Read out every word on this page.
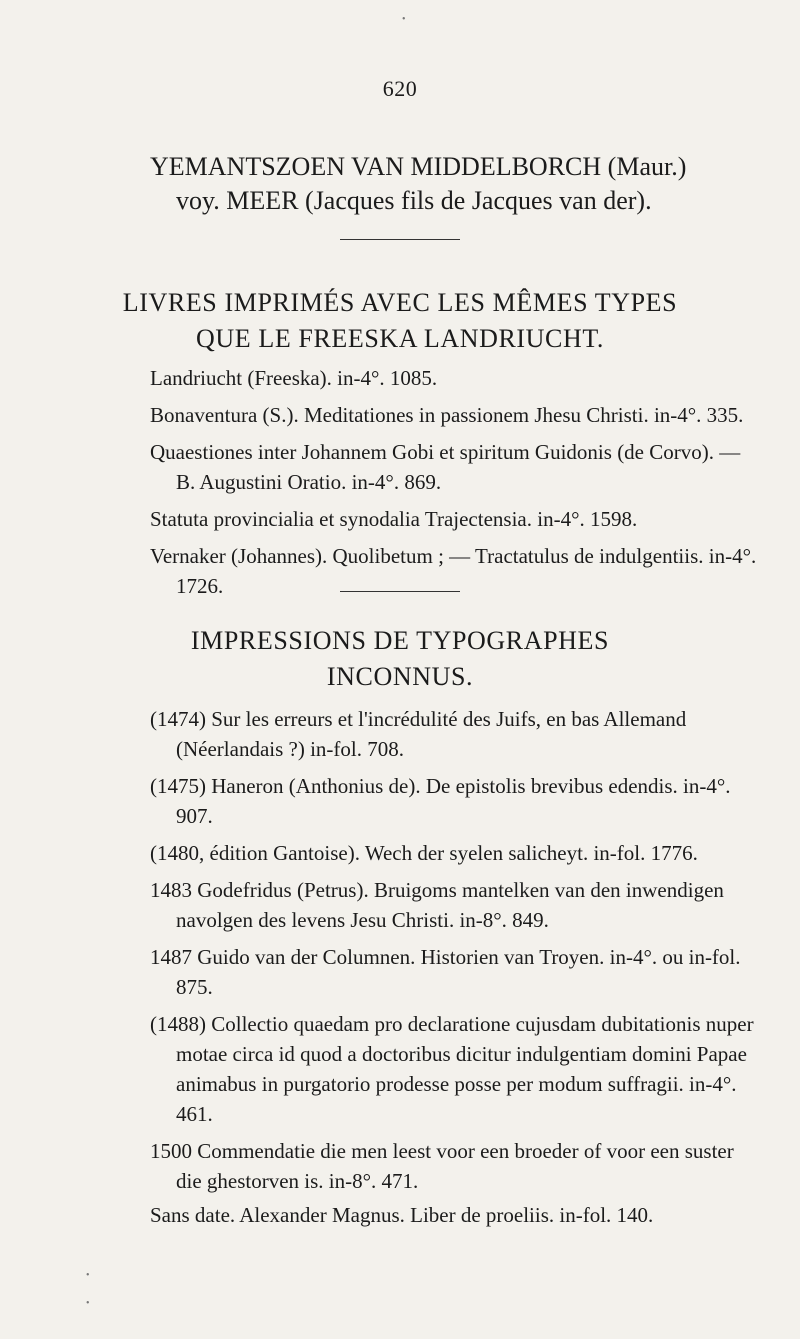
•
620
YEMANTSZOEN VAN MIDDELBORCH (Maur.)
voy. MEER (Jacques fils de Jacques van der).
LIVRES IMPRIMÉS AVEC LES MÊMES TYPES
QUE LE FREESKA LANDRIUCHT.
Landriucht (Freeska). in-4°. 1085.
Bonaventura (S.). Meditationes in passionem Jhesu Christi. in-4°. 335.
Quaestiones inter Johannem Gobi et spiritum Guidonis (de Corvo). — B. Augustini Oratio. in-4°. 869.
Statuta provincialia et synodalia Trajectensia. in-4°. 1598.
Vernaker (Johannes). Quolibetum ; — Tractatulus de indulgentiis. in-4°. 1726.
IMPRESSIONS DE TYPOGRAPHES
INCONNUS.
(1474) Sur les erreurs et l'incrédulité des Juifs, en bas Allemand (Néerlandais ?) in-fol. 708.
(1475) Haneron (Anthonius de). De epistolis brevibus edendis. in-4°. 907.
(1480, édition Gantoise). Wech der syelen salicheyt. in-fol. 1776.
1483 Godefridus (Petrus). Bruigoms mantelken van den inwendigen navolgen des levens Jesu Christi. in-8°. 849.
1487 Guido van der Columnen. Historien van Troyen. in-4°. ou in-fol. 875.
(1488) Collectio quaedam pro declaratione cujusdam dubitationis nuper motae circa id quod a doctoribus dicitur indulgentiam domini Papae animabus in purgatorio prodesse posse per modum suffragii. in-4°. 461.
1500 Commendatie die men leest voor een broeder of voor een suster die ghestorven is. in-8°. 471.
Sans date. Alexander Magnus. Liber de proeliis. in-fol. 140.
•
•
